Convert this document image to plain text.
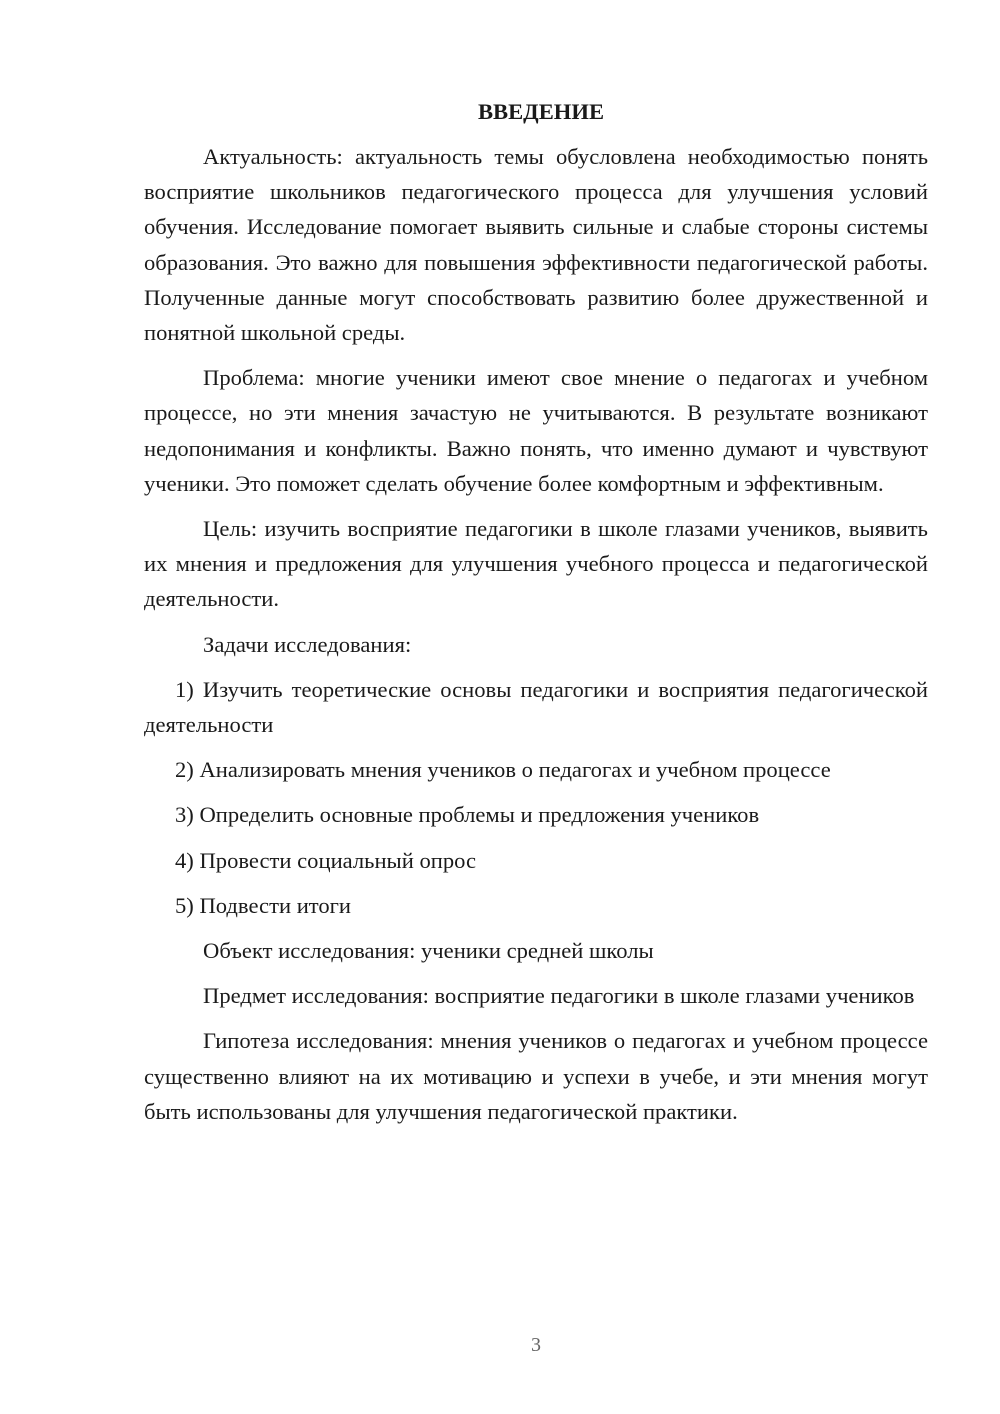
ВВЕДЕНИЕ

Актуальность: актуальность темы обусловлена необходимостью понять восприятие школьников педагогического процесса для улучшения условий обучения. Исследование помогает выявить сильные и слабые стороны системы образования. Это важно для повышения эффективности педагогической работы. Полученные данные могут способствовать развитию более дружественной и понятной школьной среды.

Проблема: многие ученики имеют свое мнение о педагогах и учебном процессе, но эти мнения зачастую не учитываются. В результате возникают недопонимания и конфликты. Важно понять, что именно думают и чувствуют ученики. Это поможет сделать обучение более комфортным и эффективным.

Цель: изучить восприятие педагогики в школе глазами учеников, выявить их мнения и предложения для улучшения учебного процесса и педагогической деятельности.

Задачи исследования:

1) Изучить теоретические основы педагогики и восприятия педагогической деятельности

2) Анализировать мнения учеников о педагогах и учебном процессе

3) Определить основные проблемы и предложения учеников

4) Провести социальный опрос

5) Подвести итоги

Объект исследования: ученики средней школы

Предмет исследования: восприятие педагогики в школе глазами учеников

Гипотеза исследования: мнения учеников о педагогах и учебном процессе существенно влияют на их мотивацию и успехи в учебе, и эти мнения могут быть использованы для улучшения педагогической практики.

3
